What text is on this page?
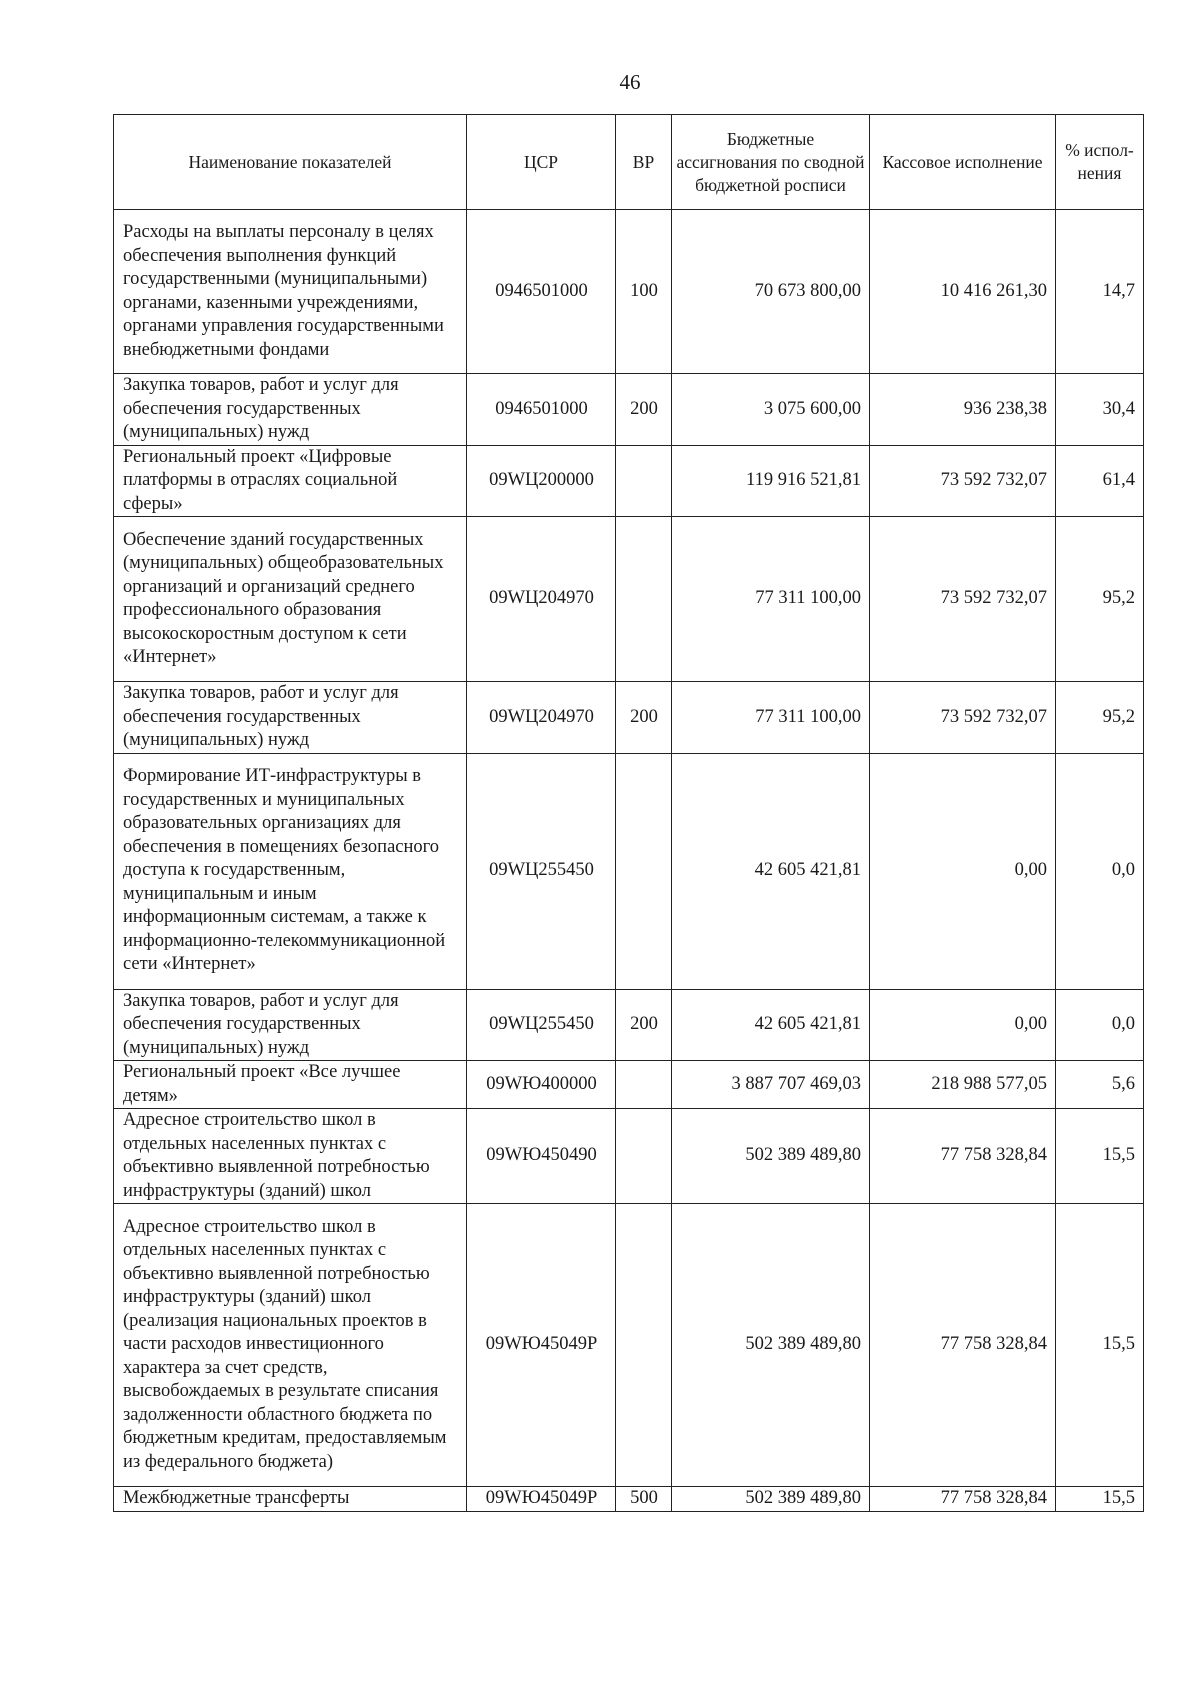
46
Наименование показателей	ЦСР	ВР	Бюджетные ассигнования по сводной бюджетной росписи	Кассовое исполнение	% испол-нения
Расходы на выплаты персоналу в целях обеспечения выполнения функций государственными (муниципальными) органами, казенными учреждениями, органами управления государственными внебюджетными фондами	0946501000	100	70 673 800,00	10 416 261,30	14,7
Закупка товаров, работ и услуг для обеспечения государственных (муниципальных) нужд	0946501000	200	3 075 600,00	936 238,38	30,4
Региональный проект «Цифровые платформы в отраслях социальной сферы»	09WЦ200000		119 916 521,81	73 592 732,07	61,4
Обеспечение зданий государственных (муниципальных) общеобразовательных организаций и организаций среднего профессионального образования высокоскоростным доступом к сети «Интернет»	09WЦ204970		77 311 100,00	73 592 732,07	95,2
Закупка товаров, работ и услуг для обеспечения государственных (муниципальных) нужд	09WЦ204970	200	77 311 100,00	73 592 732,07	95,2
Формирование ИТ-инфраструктуры в государственных и муниципальных образовательных организациях для обеспечения в помещениях безопасного доступа к государственным, муниципальным и иным информационным системам, а также к информационно-телекоммуникационной сети «Интернет»	09WЦ255450		42 605 421,81	0,00	0,0
Закупка товаров, работ и услуг для обеспечения государственных (муниципальных) нужд	09WЦ255450	200	42 605 421,81	0,00	0,0
Региональный проект «Все лучшее детям»	09WЮ400000		3 887 707 469,03	218 988 577,05	5,6
Адресное строительство школ в отдельных населенных пунктах с объективно выявленной потребностью инфраструктуры (зданий) школ	09WЮ450490		502 389 489,80	77 758 328,84	15,5
Адресное строительство школ в отдельных населенных пунктах с объективно выявленной потребностью инфраструктуры (зданий) школ (реализация национальных проектов в части расходов инвестиционного характера за счет средств, высвобождаемых в результате списания задолженности областного бюджета по бюджетным кредитам, предоставляемым из федерального бюджета)	09WЮ45049Р		502 389 489,80	77 758 328,84	15,5
Межбюджетные трансферты	09WЮ45049Р	500	502 389 489,80	77 758 328,84	15,5
